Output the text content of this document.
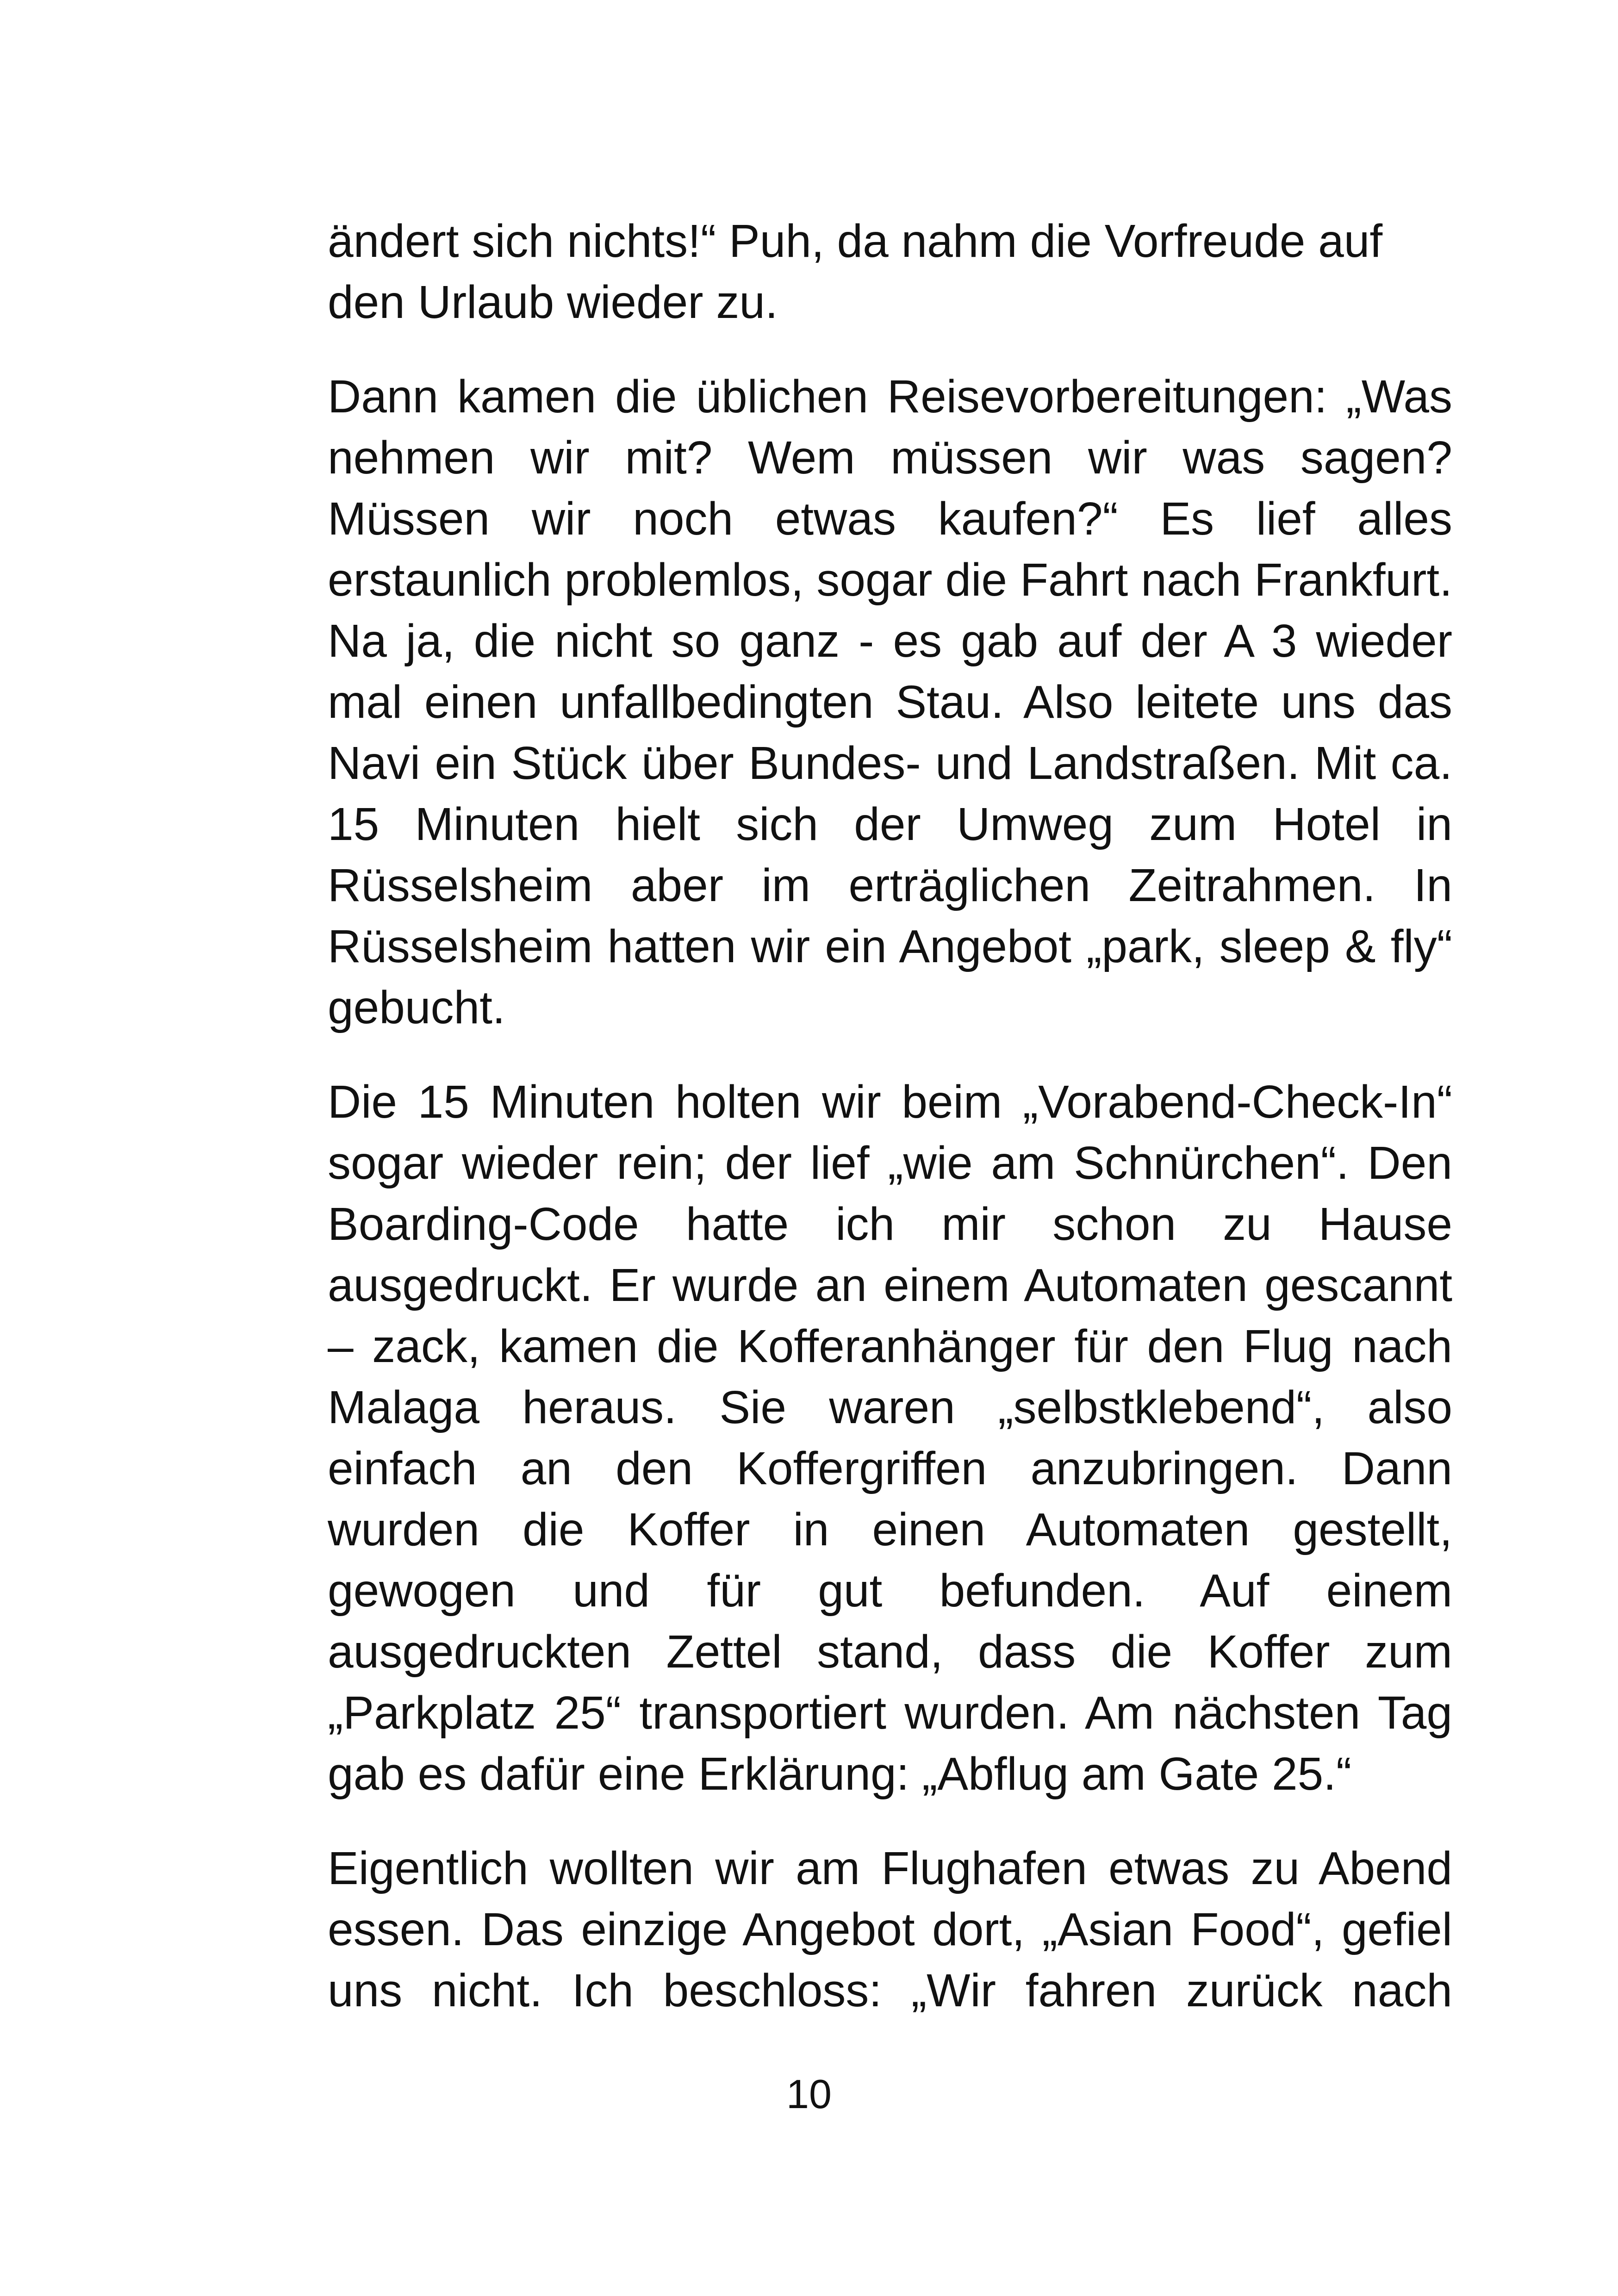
ändert sich nichts!“ Puh, da nahm die Vorfreude auf den Urlaub wieder zu.

Dann kamen die üblichen Reisevorbereitungen: „Was nehmen wir mit? Wem müssen wir was sagen? Müssen wir noch etwas kaufen?“ Es lief alles erstaunlich problemlos, sogar die Fahrt nach Frankfurt. Na ja, die nicht so ganz - es gab auf der A 3 wieder mal einen unfallbedingten Stau. Also leitete uns das Navi ein Stück über Bundes- und Landstraßen. Mit ca. 15 Minuten hielt sich der Umweg zum Hotel in Rüsselsheim aber im erträglichen Zeitrahmen. In Rüsselsheim hatten wir ein Angebot „park, sleep & fly“ gebucht.

Die 15 Minuten holten wir beim „Vorabend-Check-In“ sogar wieder rein; der lief „wie am Schnürchen“. Den Boarding-Code hatte ich mir schon zu Hause ausgedruckt. Er wurde an einem Automaten gescannt – zack, kamen die Kofferanhänger für den Flug nach Malaga heraus. Sie waren „selbstklebend“, also einfach an den Koffergriffen anzubringen. Dann wurden die Koffer in einen Automaten gestellt, gewogen und für gut befunden. Auf einem ausgedruckten Zettel stand, dass die Koffer zum „Parkplatz 25“ transportiert wurden. Am nächsten Tag gab es dafür eine Erklärung: „Abflug am Gate 25.“

Eigentlich wollten wir am Flughafen etwas zu Abend essen. Das einzige Angebot dort, „Asian Food“, gefiel uns nicht. Ich beschloss: „Wir fahren zurück nach

10
